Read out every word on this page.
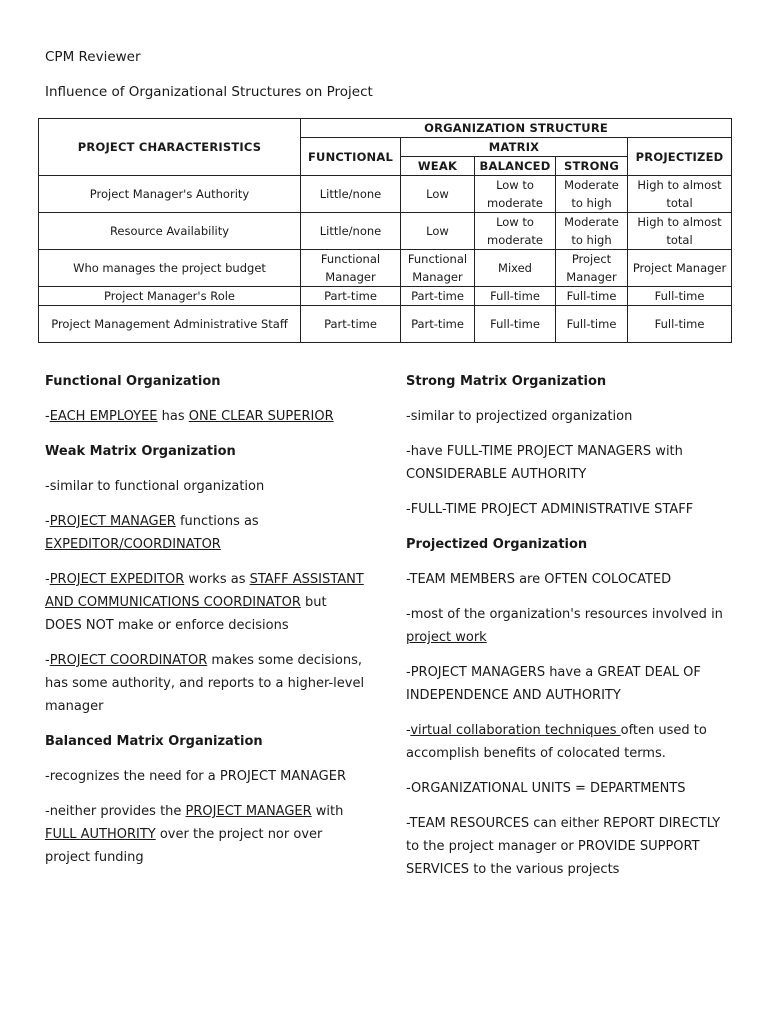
CPM Reviewer
Influence of Organizational Structures on Project
PROJECT CHARACTERISTICS	ORGANIZATION STRUCTURE				
	FUNCTIONAL	MATRIX			PROJECTIZED
		WEAK	BALANCED	STRONG	
Project Manager's Authority	Little/none	Low	Low to moderate	Moderate to high	High to almost total
Resource Availability	Little/none	Low	Low to moderate	Moderate to high	High to almost total
Who manages the project budget	Functional Manager	Functional Manager	Mixed	Project Manager	Project Manager
Project Manager's Role	Part-time	Part-time	Full-time	Full-time	Full-time
Project Management Administrative Staff	Part-time	Part-time	Full-time	Full-time	Full-time
Functional Organization
-EACH EMPLOYEE has ONE CLEAR SUPERIOR
Weak Matrix Organization
-similar to functional organization
-PROJECT MANAGER functions as EXPEDITOR/COORDINATOR
-PROJECT EXPEDITOR works as STAFF ASSISTANT AND COMMUNICATIONS COORDINATOR but DOES NOT make or enforce decisions
-PROJECT COORDINATOR makes some decisions, has some authority, and reports to a higher-level manager
Balanced Matrix Organization
-recognizes the need for a PROJECT MANAGER
-neither provides the PROJECT MANAGER with FULL AUTHORITY over the project nor over project funding
Strong Matrix Organization
-similar to projectized organization
-have FULL-TIME PROJECT MANAGERS with CONSIDERABLE AUTHORITY
-FULL-TIME PROJECT ADMINISTRATIVE STAFF
Projectized Organization
-TEAM MEMBERS are OFTEN COLOCATED
-most of the organization's resources involved in project work
-PROJECT MANAGERS have a GREAT DEAL OF INDEPENDENCE AND AUTHORITY
-virtual collaboration techniques often used to accomplish benefits of colocated terms.
-ORGANIZATIONAL UNITS = DEPARTMENTS
-TEAM RESOURCES can either REPORT DIRECTLY to the project manager or PROVIDE SUPPORT SERVICES to the various projects
